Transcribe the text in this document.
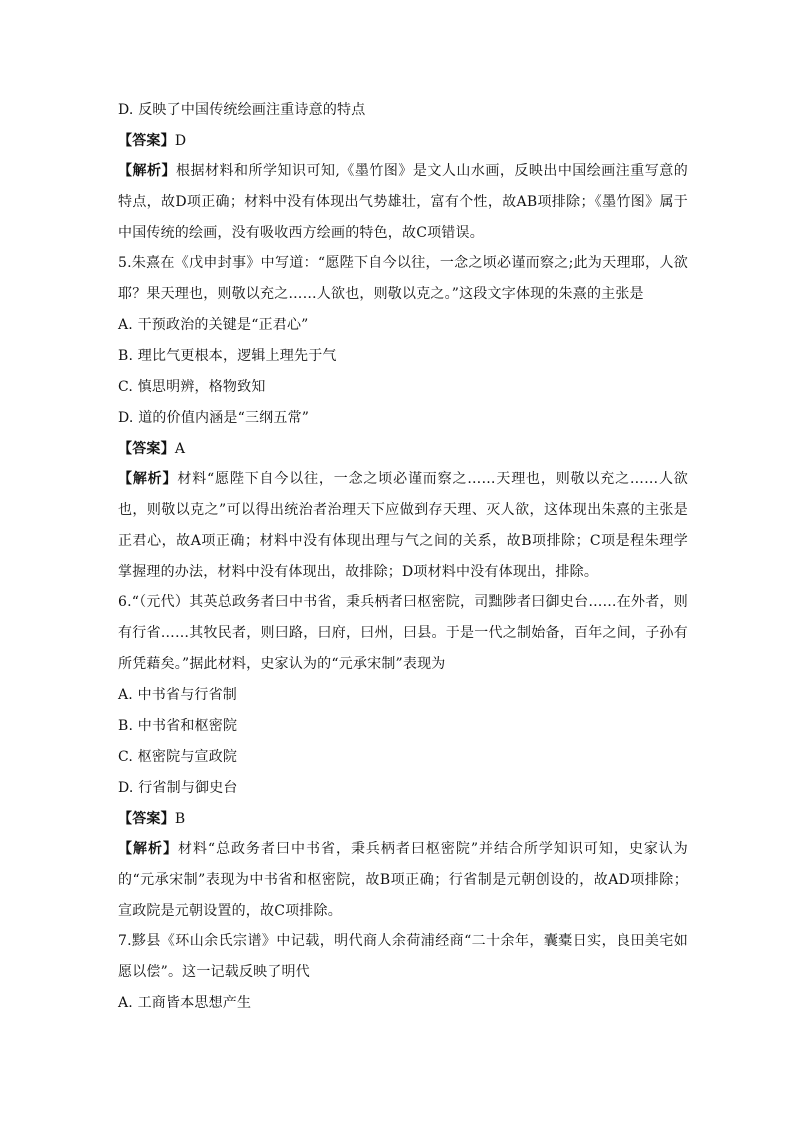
D. 反映了中国传统绘画注重诗意的特点
【答案】D
【解析】根据材料和所学知识可知,《墨竹图》是文人山水画，反映出中国绘画注重写意的特点，故D项正确；材料中没有体现出气势雄壮，富有个性，故AB项排除；《墨竹图》属于中国传统的绘画，没有吸收西方绘画的特色，故C项错误。
5.朱熹在《戊申封事》中写道：“愿陛下自今以往，一念之顷必谨而察之;此为天理耶，人欲耶？果天理也，则敬以充之……人欲也，则敬以克之。”这段文字体现的朱熹的主张是
A. 干预政治的关键是“正君心”
B. 理比气更根本，逻辑上理先于气
C. 慎思明辨，格物致知
D. 道的价值内涵是“三纲五常”
【答案】A
【解析】材料“愿陛下自今以往，一念之顷必谨而察之……天理也，则敬以充之……人欲也，则敬以克之”可以得出统治者治理天下应做到存天理、灭人欲，这体现出朱熹的主张是正君心，故A项正确；材料中没有体现出理与气之间的关系，故B项排除；C项是程朱理学掌握理的办法，材料中没有体现出，故排除；D项材料中没有体现出，排除。
6.“（元代）其英总政务者曰中书省，秉兵柄者曰枢密院，司黜陟者曰御史台……在外者，则有行省……其牧民者，则曰路，曰府，曰州，曰县。于是一代之制始备，百年之间，子孙有所凭藉矣。”据此材料，史家认为的“元承宋制”表现为
A. 中书省与行省制
B. 中书省和枢密院
C. 枢密院与宣政院
D. 行省制与御史台
【答案】B
【解析】材料“总政务者曰中书省，秉兵柄者曰枢密院”并结合所学知识可知，史家认为的“元承宋制”表现为中书省和枢密院，故B项正确；行省制是元朝创设的，故AD项排除；宣政院是元朝设置的，故C项排除。
7.黟县《环山余氏宗谱》中记载，明代商人余荷浦经商“二十余年，囊橐日实，良田美宅如愿以偿”。这一记载反映了明代
A. 工商皆本思想产生
